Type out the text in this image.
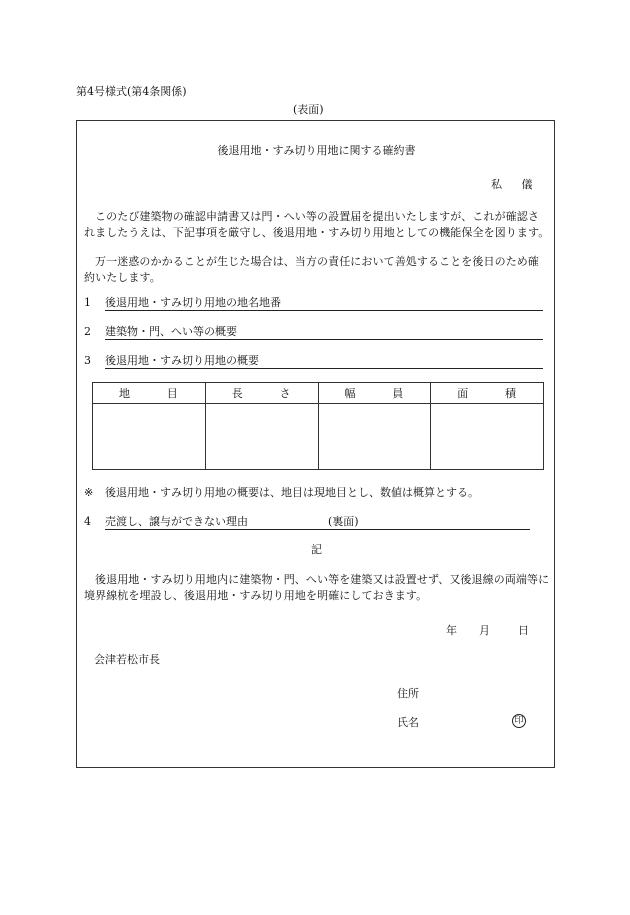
第4号様式(第4条関係)
(表面)
後退用地・すみ切り用地に関する確約書
私 儀
このたび建築物の確認申請書又は門・へい等の設置届を提出いたしますが、これが確認されましたうえは、下記事項を厳守し、後退用地・すみ切り用地としての機能保全を図ります。
万一迷惑のかかることが生じた場合は、当方の責任において善処することを後日のため確約いたします。
1 後退用地・すみ切り用地の地名地番
2 建築物・門、へい等の概要
3 後退用地・すみ切り用地の概要
地目	長さ	幅員	面積

※ 後退用地・すみ切り用地の概要は、地目は現地目とし、数値は概算とする。
4 売渡し、譲与ができない理由	(裏面)
記
後退用地・すみ切り用地内に建築物・門、へい等を建築又は設置せず、又後退線の両端等に境界線杭を埋設し、後退用地・すみ切り用地を明確にしておきます。
年 月	日
会津若松市長
住所
氏名	印
